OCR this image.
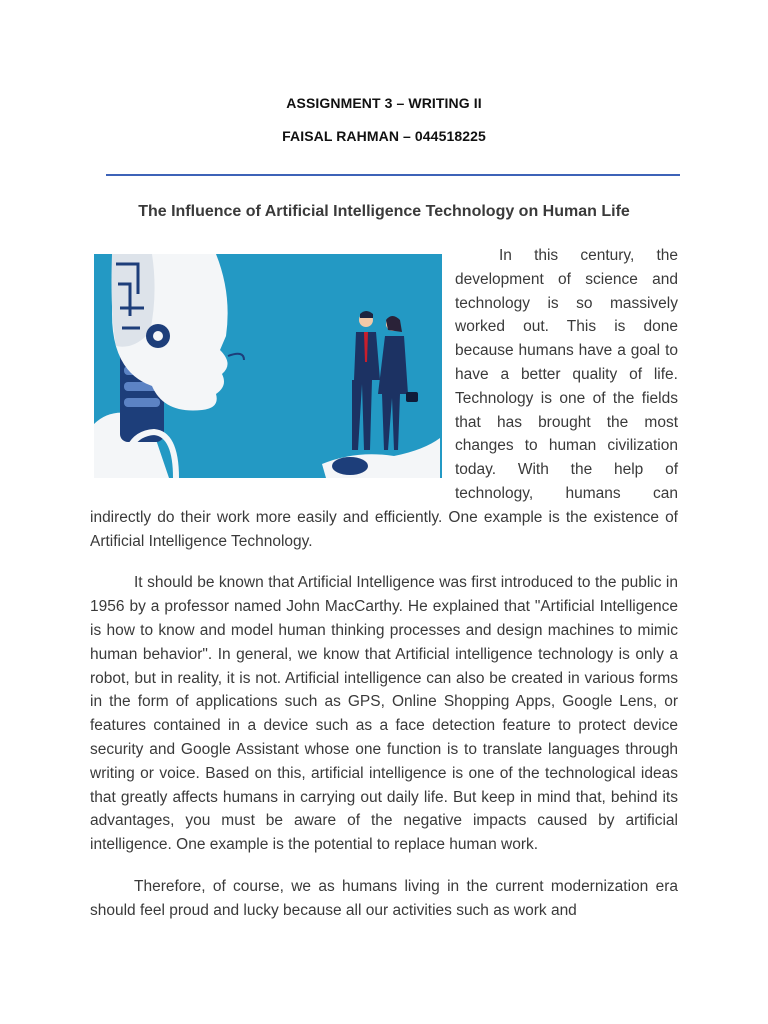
ASSIGNMENT 3 – WRITING II
FAISAL RAHMAN – 044518225
The Influence of Artificial Intelligence Technology on Human Life

In this century, the development of science and technology is so massively worked out. This is done because humans have a goal to have a better quality of life. Technology is one of the fields that has brought the most changes to human civilization today. With the help of technology, humans can indirectly do their work more easily and efficiently. One example is the existence of Artificial Intelligence Technology.

It should be known that Artificial Intelligence was first introduced to the public in 1956 by a professor named John MacCarthy. He explained that "Artificial Intelligence is how to know and model human thinking processes and design machines to mimic human behavior". In general, we know that Artificial intelligence technology is only a robot, but in reality, it is not. Artificial intelligence can also be created in various forms in the form of applications such as GPS, Online Shopping Apps, Google Lens, or features contained in a device such as a face detection feature to protect device security and Google Assistant whose one function is to translate languages through writing or voice. Based on this, artificial intelligence is one of the technological ideas that greatly affects humans in carrying out daily life. But keep in mind that, behind its advantages, you must be aware of the negative impacts caused by artificial intelligence. One example is the potential to replace human work.

Therefore, of course, we as humans living in the current modernization era should feel proud and lucky because all our activities such as work and
